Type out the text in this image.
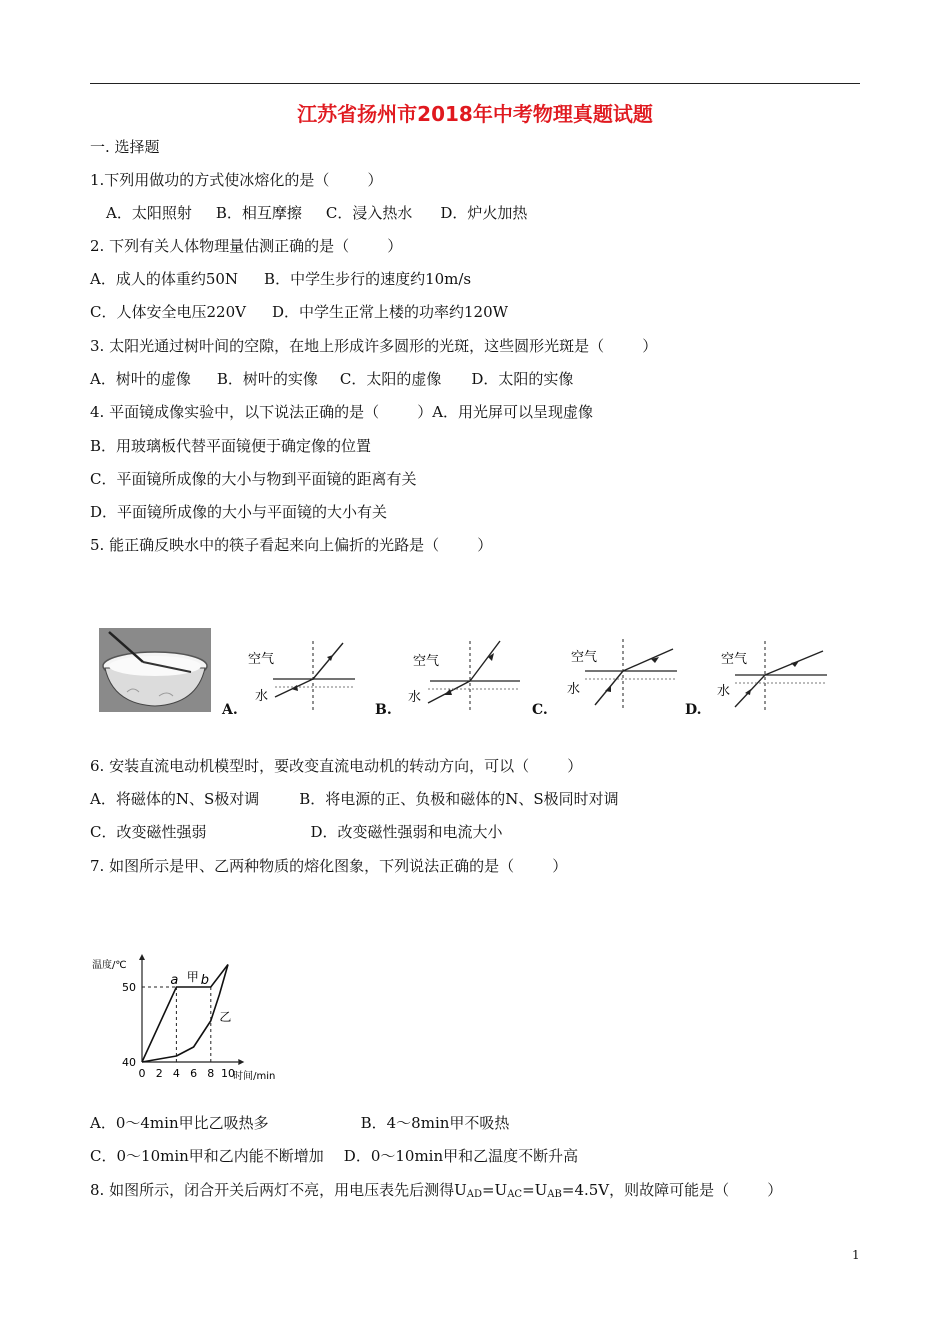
江苏省扬州市2018年中考物理真题试题
一. 选择题
1.下列用做功的方式使冰熔化的是（        ）
A．太阳照射 B．相互摩擦 C．浸入热水 D．炉火加热
2. 下列有关人体物理量估测正确的是（        ）
A．成人的体重约50N B．中学生步行的速度约10m/s
C．人体安全电压220V D．中学生正常上楼的功率约120W
3. 太阳光通过树叶间的空隙，在地上形成许多圆形的光斑，这些圆形光斑是（        ）
A．树叶的虚像 B．树叶的实像 C．太阳的虚像 D．太阳的实像
4. 平面镜成像实验中，以下说法正确的是（        ）A．用光屏可以呈现虚像
B．用玻璃板代替平面镜便于确定像的位置
C．平面镜所成像的大小与物到平面镜的距离有关
D．平面镜所成像的大小与平面镜的大小有关
5. 能正确反映水中的筷子看起来向上偏折的光路是（        ）
空气
水
空气
水
空气
水
空气
水
A.	B.	C.	D.
6. 安装直流电动机模型时，要改变直流电动机的转动方向，可以（        ）
A．将磁体的N、S极对调	B．将电源的正、负极和磁体的N、S极同时对调
C．改变磁性强弱	D．改变磁性强弱和电流大小
7. 如图所示是甲、乙两种物质的熔化图象，下列说法正确的是（        ）
温度/℃
时间/min
0 2 4 6 8 10
40
50	a b
甲
乙
A．0～4min甲比乙吸热多	B．4～8min甲不吸热
C．0～10min甲和乙内能不断增加 D．0～10min甲和乙温度不断升高
8. 如图所示，闭合开关后两灯不亮，用电压表先后测得$U_{AD}=U_{AC}=U_{AB}=4.5V$，则故障可能是（        ）
1
